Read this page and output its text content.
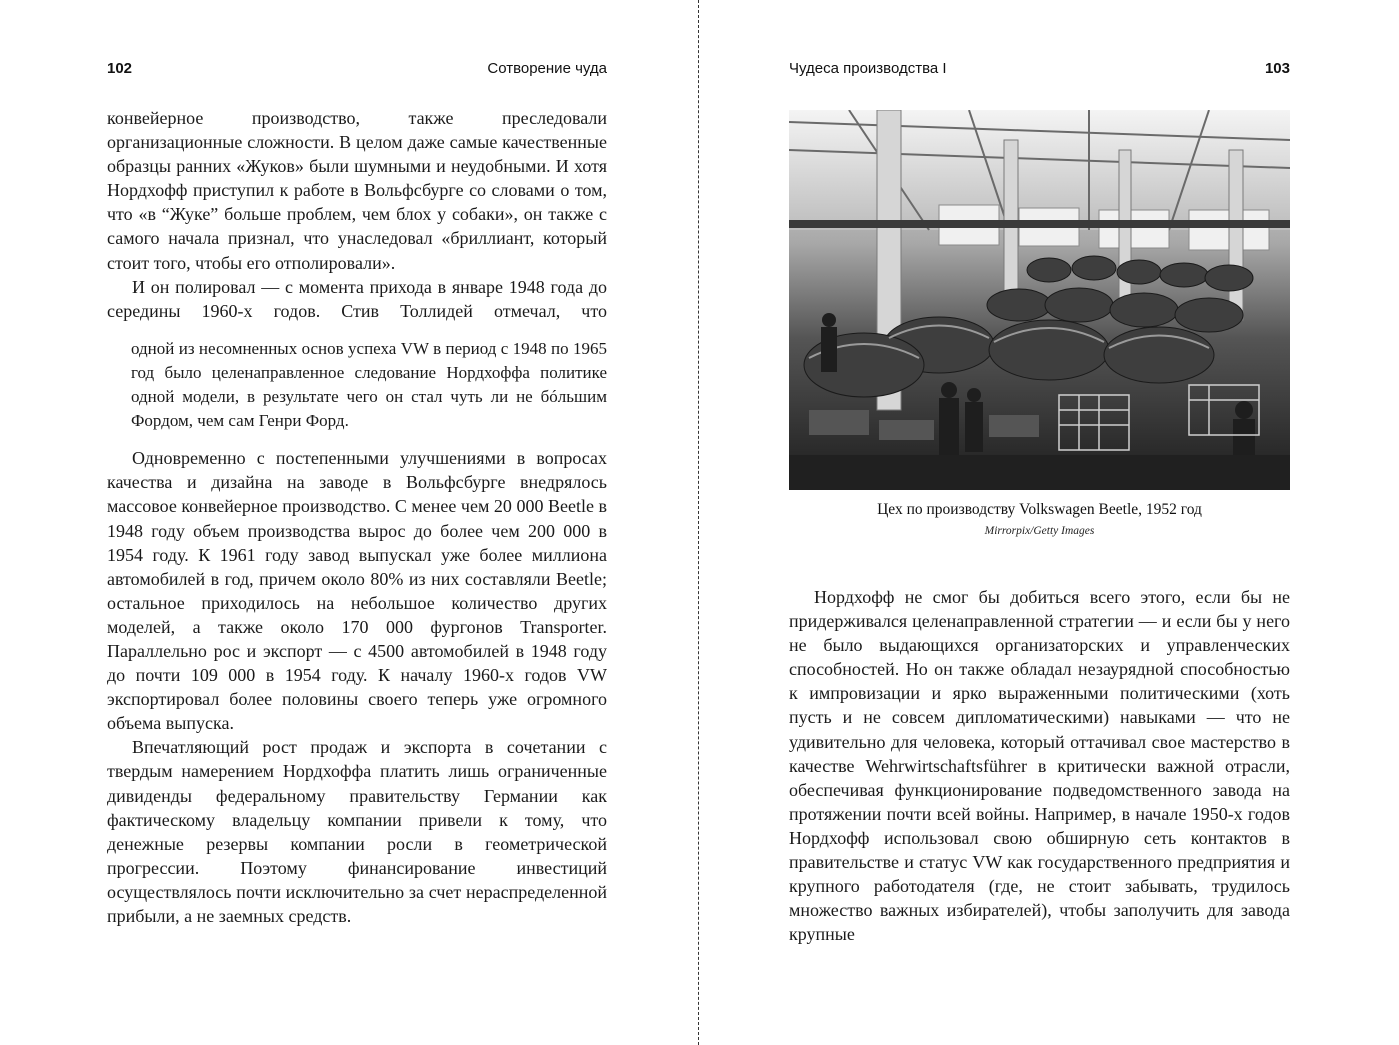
102	Сотворение чуда

конвейерное производство, также преследовали организационные сложности. В целом даже самые качественные образцы ранних «Жуков» были шумными и неудобными. И хотя Нордхофф приступил к работе в Вольфсбурге со словами о том, что «в “Жуке” больше проблем, чем блох у собаки», он также с самого начала признал, что унаследовал «бриллиант, который стоит того, чтобы его отполировали».

И он полировал — с момента прихода в январе 1948 года до середины 1960-х годов. Стив Толлидей отмечал, что

одной из несомненных основ успеха VW в период с 1948 по 1965 год было целенаправленное следование Нордхоффа политике одной модели, в результате чего он стал чуть ли не бóльшим Фордом, чем сам Генри Форд.

Одновременно с постепенными улучшениями в вопросах качества и дизайна на заводе в Вольфсбурге внедрялось массовое конвейерное производство. С менее чем 20 000 Beetle в 1948 году объем производства вырос до более чем 200 000 в 1954 году. К 1961 году завод выпускал уже более миллиона автомобилей в год, причем около 80% из них составляли Beetle; остальное приходилось на небольшое количество других моделей, а также около 170 000 фургонов Transporter. Параллельно рос и экспорт — с 4500 автомобилей в 1948 году до почти 109 000 в 1954 году. К началу 1960-х годов VW экспортировал более половины своего теперь уже огромного объема выпуска.

Впечатляющий рост продаж и экспорта в сочетании с твердым намерением Нордхоффа платить лишь ограниченные дивиденды федеральному правительству Германии как фактическому владельцу компании привели к тому, что денежные резервы компании росли в геометрической прогрессии. Поэтому финансирование инвестиций осуществлялось почти исключительно за счет нераспределенной прибыли, а не заемных средств.

Чудеса производства I	103
Цех по производству Volkswagen Beetle, 1952 год
Mirrorpix/Getty Images

Нордхофф не смог бы добиться всего этого, если бы не придерживался целенаправленной стратегии — и если бы у него не было выдающихся организаторских и управленческих способностей. Но он также обладал незаурядной способностью к импровизации и ярко выраженными политическими (хоть пусть и не совсем дипломатическими) навыками — что не удивительно для человека, который оттачивал свое мастерство в качестве Wehrwirtschaftsführer в критически важной отрасли, обеспечивая функционирование подведомственного завода на протяжении почти всей войны. Например, в начале 1950-х годов Нордхофф использовал свою обширную сеть контактов в правительстве и статус VW как государственного предприятия и крупного работодателя (где, не стоит забывать, трудилось множество важных избирателей), чтобы заполучить для завода крупные
